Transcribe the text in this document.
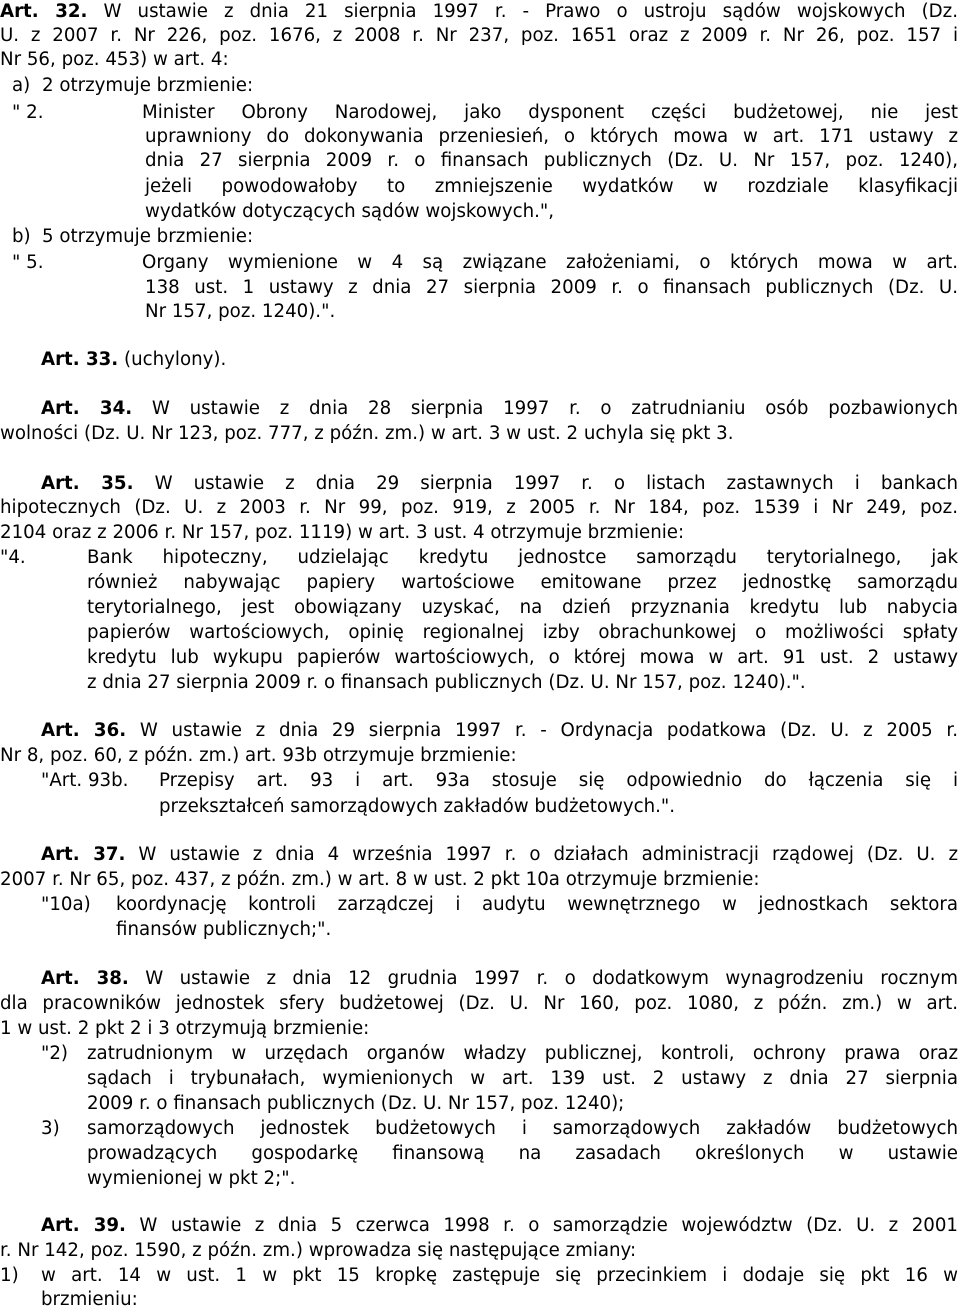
Art. 32. W ustawie z dnia 21 sierpnia 1997 r. - Prawo o ustroju sądów wojskowych (Dz.
U. z 2007 r. Nr 226, poz. 1676, z 2008 r. Nr 237, poz. 1651 oraz z 2009 r. Nr 26, poz. 157 i
Nr 56, poz. 453) w art. 4:
2 otrzymuje brzmienie:
a)
Minister Obrony Narodowej, jako dysponent części budżetowej, nie jest
" 2.
uprawniony do dokonywania przeniesień, o których mowa w art. 171 ustawy z
dnia 27 sierpnia 2009 r. o finansach publicznych (Dz. U. Nr 157, poz. 1240),
jeżeli powodowałoby to zmniejszenie wydatków w rozdziale klasyfikacji
wydatków dotyczących sądów wojskowych.",
5 otrzymuje brzmienie:
b)
Organy wymienione w 4 są związane założeniami, o których mowa w art.
" 5.
138 ust. 1 ustawy z dnia 27 sierpnia 2009 r. o finansach publicznych (Dz. U.
Nr 157, poz. 1240).".
Art. 33. (uchylony).
Art. 34. W ustawie z dnia 28 sierpnia 1997 r. o zatrudnianiu osób pozbawionych
wolności (Dz. U. Nr 123, poz. 777, z późn. zm.) w art. 3 w ust. 2 uchyla się pkt 3.
Art. 35. W ustawie z dnia 29 sierpnia 1997 r. o listach zastawnych i bankach
hipotecznych (Dz. U. z 2003 r. Nr 99, poz. 919, z 2005 r. Nr 184, poz. 1539 i Nr 249, poz.
2104 oraz z 2006 r. Nr 157, poz. 1119) w art. 3 ust. 4 otrzymuje brzmienie:
Bank hipoteczny, udzielając kredytu jednostce samorządu terytorialnego, jak
"4.
również nabywając papiery wartościowe emitowane przez jednostkę samorządu
terytorialnego, jest obowiązany uzyskać, na dzień przyznania kredytu lub nabycia
papierów wartościowych, opinię regionalnej izby obrachunkowej o możliwości spłaty
kredytu lub wykupu papierów wartościowych, o której mowa w art. 91 ust. 2 ustawy
z dnia 27 sierpnia 2009 r. o finansach publicznych (Dz. U. Nr 157, poz. 1240).".
Art. 36. W ustawie z dnia 29 sierpnia 1997 r. - Ordynacja podatkowa (Dz. U. z 2005 r.
Nr 8, poz. 60, z późn. zm.) art. 93b otrzymuje brzmienie:
Przepisy art. 93 i art. 93a stosuje się odpowiednio do łączenia się i
"Art. 93b.
przekształceń samorządowych zakładów budżetowych.".
Art. 37. W ustawie z dnia 4 września 1997 r. o działach administracji rządowej (Dz. U. z
2007 r. Nr 65, poz. 437, z późn. zm.) w art. 8 w ust. 2 pkt 10a otrzymuje brzmienie:
koordynację kontroli zarządczej i audytu wewnętrznego w jednostkach sektora
"10a)
finansów publicznych;".
Art. 38. W ustawie z dnia 12 grudnia 1997 r. o dodatkowym wynagrodzeniu rocznym
dla pracowników jednostek sfery budżetowej (Dz. U. Nr 160, poz. 1080, z późn. zm.) w art.
1 w ust. 2 pkt 2 i 3 otrzymują brzmienie:
zatrudnionym w urzędach organów władzy publicznej, kontroli, ochrony prawa oraz
"2)
sądach i trybunałach, wymienionych w art. 139 ust. 2 ustawy z dnia 27 sierpnia
2009 r. o finansach publicznych (Dz. U. Nr 157, poz. 1240);
samorządowych jednostek budżetowych i samorządowych zakładów budżetowych
3)
prowadzących gospodarkę finansową na zasadach określonych w ustawie
wymienionej w pkt 2;".
Art. 39. W ustawie z dnia 5 czerwca 1998 r. o samorządzie województw (Dz. U. z 2001
r. Nr 142, poz. 1590, z późn. zm.) wprowadza się następujące zmiany:
w art. 14 w ust. 1 w pkt 15 kropkę zastępuje się przecinkiem i dodaje się pkt 16 w
1)
brzmieniu:
